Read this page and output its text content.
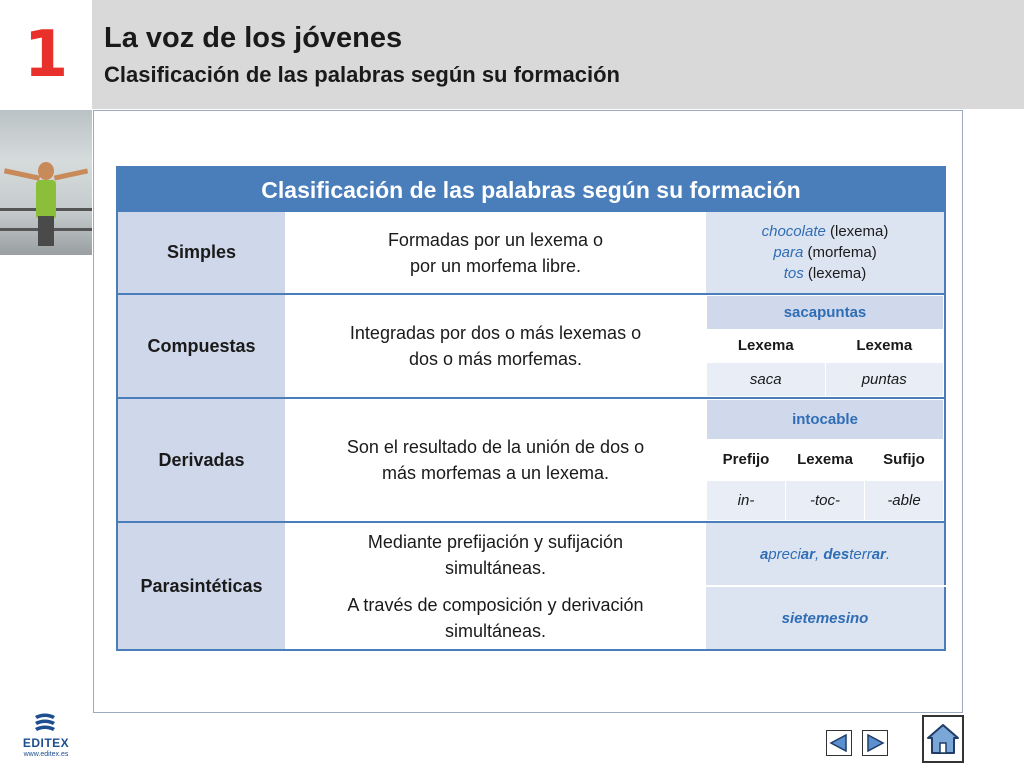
1	La voz de los jóvenes
Clasificación de las palabras según su formación
Clasificación de las palabras según su formación
Simples	
Formadas por un lexema o
por un morfema libre.

chocolate (lexema)
para (morfema)
tos (lexema)

Compuestas	
Integradas por dos o más lexemas o
dos o más morfemas.

sacapuntas
Lexema	Lexema
saca	puntas

Derivadas	
Son el resultado de la unión de dos o
más morfemas a un lexema.

intocable
Prefijo	Lexema	Sufijo
in-	-toc-	-able

Parasintéticas	
Mediante prefijación y sufijación
simultáneas.

apreciar, desterrar.

A través de composición y derivación
simultáneas.

sietemesino
EDITEX
www.editex.es
